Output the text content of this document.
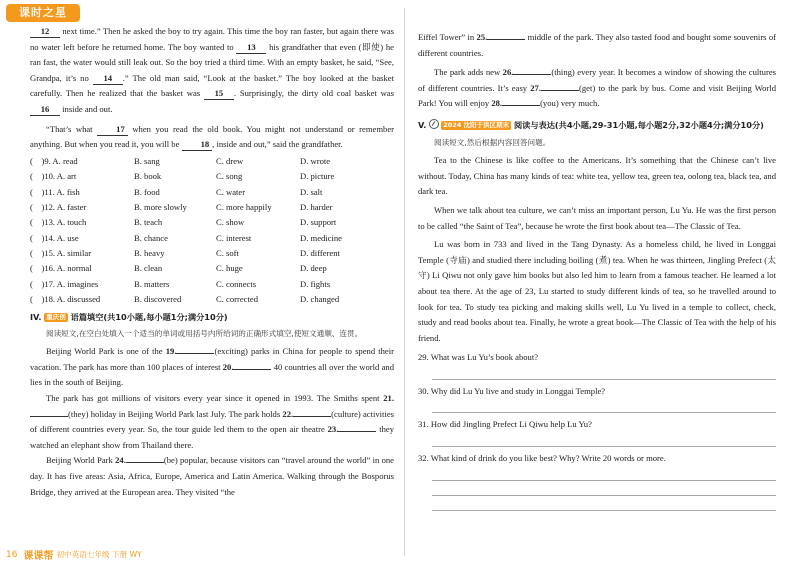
课时之星

12 next time.” Then he asked the boy to try again. This time the boy ran faster, but again there was no water left before he returned home. The boy wanted to 13 his grandfather that even (即使) he ran fast, the water would still leak out. So the boy tried a third time. With an empty basket, he said, “See, Grandpa, it’s no 14 .” The old man said, “Look at the basket.” The boy looked at the basket carefully. Then he realized that the basket was 15 . Surprisingly, the dirty old coal basket was 16 inside and out.

“That’s what	17 when you read the old book. You might not understand or remember anything. But when you read it, you will be 18 , inside and out,” said the grandfather.

( )9. A. read	B. sang	C. drew	D. wrote
( )10. A. art	B. book	C. song	D. picture
( )11. A. fish	B. food	C. water	D. salt
( )12. A. faster	B. more slowly	C. more happily	D. harder
( )13. A. touch	B. teach	C. show	D. support
( )14. A. use	B. chance	C. interest	D. medicine
( )15. A. similar	B. heavy	C. soft	D. different
( )16. A. normal	B. clean	C. huge	D. deep
( )17. A. imagines	B. matters	C. connects	D. fights
( )18. A. discussed	B. discovered	C. corrected	D. changed
IV. 重庆创 语篇填空(共10小题,每小题1分;满分10分)

阅读短文,在空白处填入一个适当的单词或用括号内所给词的正确形式填空,使短文通顺、连贯。

Beijing World Park is one of the 19.	(exciting) parks in China for people to spend their vacation. The park has more than 100 places of interest 20.	40 countries all over the world and lies in the south of Beijing.

The park has got millions of visitors every year since it opened in 1993. The Smiths spent 21.(they) holiday in Beijing World Park last July. The park holds 22.	(culture) activities of different countries every year. So, the tour guide led them to the open air theatre 23.	they watched an elephant show from Thailand there.

Beijing World Park 24.	(be) popular, because visitors can “travel around the world” in one day. It has five areas: Asia, Africa, Europe, America and Latin America. Walking through the Bosporus Bridge, they arrived at the European area. They visited “the

Eiffel Tower” in 25.	middle of the park. They also tasted food and bought some souvenirs of different countries.

The park adds new 26.	(thing) every year. It becomes a window of showing the cultures of different countries. It’s easy 27.	(get) to the park by bus. Come and visit Beijing World Park! You will enjoy 28.	(you) very much.

V.	2024 沈阳于洪区期末 阅读与表达(共4小题,29-31小题,每小题2分,32小题4分;满分10分)

阅读短文,然后根据内容回答问题。

Tea to the Chinese is like coffee to the Americans. It’s something that the Chinese can’t live without. Today, China has many kinds of tea: white tea, yellow tea, green tea, oolong tea, black tea, and dark tea.

When we talk about tea culture, we can’t miss an important person, Lu Yu. He was the first person to be called “the Saint of Tea”, because he wrote the first book about tea—The Classic of Tea.

Lu was born in 733 and lived in the Tang Dynasty. As a homeless child, he lived in Longgai Temple (寺庙) and studied there including boiling (煮) tea. When he was thirteen, Jingling Prefect (太守) Li Qiwu not only gave him books but also led him to learn from a famous teacher. He learned a lot about tea there. At the age of 23, Lu started to study different kinds of tea, so he travelled around to look for tea. To study tea picking and making skills well, Lu Yu lived in a temple to collect, check, study and read books about tea. Finally, he wrote a great book—The Classic of Tea with the help of his friend.

29. What was Lu Yu’s book about?

30. Why did Lu Yu live and study in Longgai Temple?

31. How did Jingling Prefect Li Qiwu help Lu Yu?

32. What kind of drink do you like best? Why? Write 20 words or more.

16 课课帮 初中英语七年级 下册 WY
